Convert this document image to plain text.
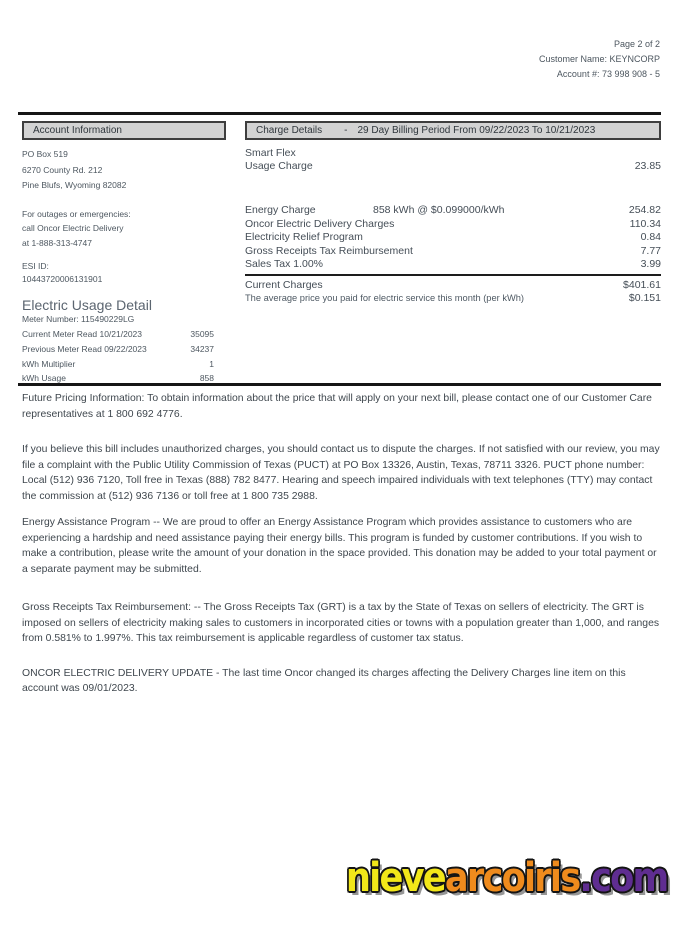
Page 2 of 2
Customer Name: KEYNCORP
Account #: 73 998 908 - 5
Account Information
PO Box 519
6270 County Rd. 212
Pine Blufs, Wyoming 82082
For outages or emergencies:
call Oncor Electric Delivery
at 1-888-313-4747
ESI ID:
10443720006131901
Electric Usage Detail
Meter Number: 115490229LG
Current Meter Read 10/21/2023	35095
Previous Meter Read 09/22/2023	34237
kWh Multiplier	1
kWh Usage	858
Charge Details - 29 Day Billing Period From 09/22/2023 To 10/21/2023
Smart Flex
Usage Charge	23.85
Energy Charge	858 kWh @ $0.099000/kWh	254.82
Oncor Electric Delivery Charges	110.34
Electricity Relief Program	0.84
Gross Receipts Tax Reimbursement	7.77
Sales Tax 1.00%	3.99
Current Charges	$401.61
The average price you paid for electric service this month (per kWh)	$0.151

Future Pricing Information: To obtain information about the price that will apply on your next bill, please contact one of our Customer Care representatives at 1 800 692 4776.

If you believe this bill includes unauthorized charges, you should contact us to dispute the charges. If not satisfied with our review, you may file a complaint with the Public Utility Commission of Texas (PUCT) at PO Box 13326, Austin, Texas, 78711 3326. PUCT phone number: Local (512) 936 7120, Toll free in Texas (888) 782 8477. Hearing and speech impaired individuals with text telephones (TTY) may contact the commission at (512) 936 7136 or toll free at 1 800 735 2988.

Energy Assistance Program -- We are proud to offer an Energy Assistance Program which provides assistance to customers who are experiencing a hardship and need assistance paying their energy bills. This program is funded by customer contributions. If you wish to make a contribution, please write the amount of your donation in the space provided. This donation may be added to your total payment or a separate payment may be submitted.

Gross Receipts Tax Reimbursement: -- The Gross Receipts Tax (GRT) is a tax by the State of Texas on sellers of electricity. The GRT is imposed on sellers of electricity making sales to customers in incorporated cities or towns with a population greater than 1,000, and ranges from 0.581% to 1.997%. This tax reimbursement is applicable regardless of customer tax status.

ONCOR ELECTRIC DELIVERY UPDATE - The last time Oncor changed its charges affecting the Delivery Charges line item on this account was 09/01/2023.

nievearcoiris.com
